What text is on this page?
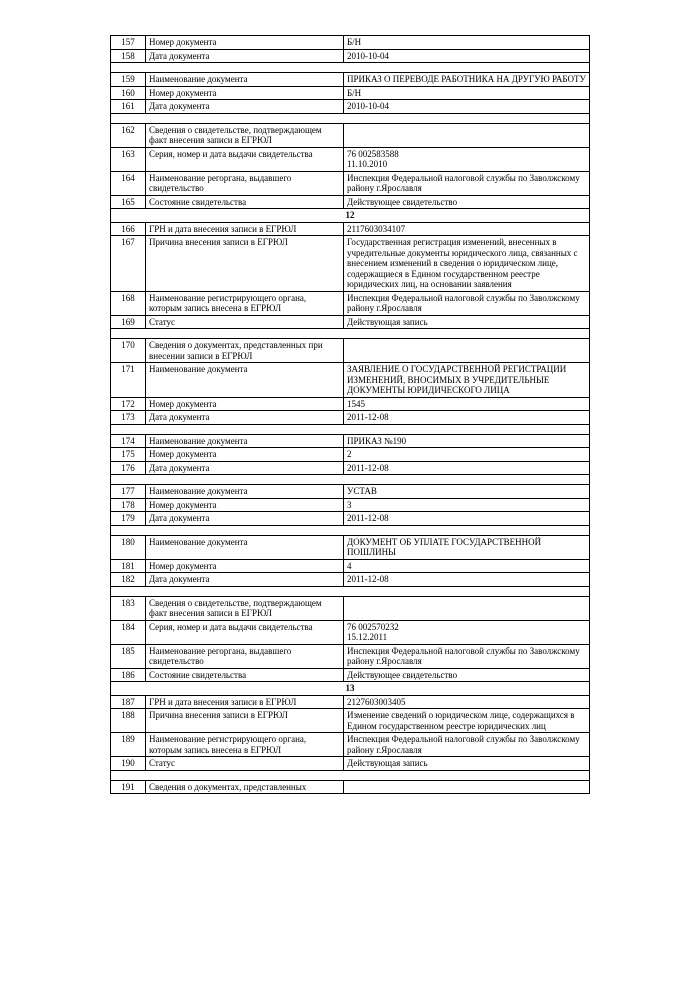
157	Номер документа	Б/Н
158	Дата документа	2010-10-04

159	Наименование документа	ПРИКАЗ О ПЕРЕВОДЕ РАБОТНИКА НА ДРУГУЮ РАБОТУ
160	Номер документа	Б/Н
161	Дата документа	2010-10-04

162	Сведения о свидетельстве, подтверждающем факт внесения записи в ЕГРЮЛ	
163	Серия, номер и дата выдачи свидетельства	76 002583588
11.10.2010
164	Наименование регоргана, выдавшего свидетельство	Инспекция Федеральной налоговой службы по Заволжскому району г.Ярославля
165	Состояние свидетельства	Действующее свидетельство
12		
166	ГРН и дата внесения записи в ЕГРЮЛ	2117603034107
167	Причина внесения записи в ЕГРЮЛ	Государственная регистрация изменений, внесенных в учредительные документы юридического лица, связанных с внесением изменений в сведения о юридическом лице, содержащиеся в Едином государственном реестре юридических лиц, на основании заявления
168	Наименование регистрирующего органа, которым запись внесена в ЕГРЮЛ	Инспекция Федеральной налоговой службы по Заволжскому району г.Ярославля
169	Статус	Действующая запись

170	Сведения о документах, представленных при внесении записи в ЕГРЮЛ	
171	Наименование документа	ЗАЯВЛЕНИЕ О ГОСУДАРСТВЕННОЙ РЕГИСТРАЦИИ ИЗМЕНЕНИЙ, ВНОСИМЫХ В УЧРЕДИТЕЛЬНЫЕ ДОКУМЕНТЫ ЮРИДИЧЕСКОГО ЛИЦА
172	Номер документа	1545
173	Дата документа	2011-12-08

174	Наименование документа	ПРИКАЗ №190
175	Номер документа	2
176	Дата документа	2011-12-08

177	Наименование документа	УСТАВ
178	Номер документа	3
179	Дата документа	2011-12-08

180	Наименование документа	ДОКУМЕНТ ОБ УПЛАТЕ ГОСУДАРСТВЕННОЙ ПОШЛИНЫ
181	Номер документа	4
182	Дата документа	2011-12-08

183	Сведения о свидетельстве, подтверждающем факт внесения записи в ЕГРЮЛ	
184	Серия, номер и дата выдачи свидетельства	76 002570232
15.12.2011
185	Наименование регоргана, выдавшего свидетельство	Инспекция Федеральной налоговой службы по Заволжскому району г.Ярославля
186	Состояние свидетельства	Действующее свидетельство
13		
187	ГРН и дата внесения записи в ЕГРЮЛ	2127603003405
188	Причина внесения записи в ЕГРЮЛ	Изменение сведений о юридическом лице, содержащихся в Едином государственном реестре юридических лиц
189	Наименование регистрирующего органа, которым запись внесена в ЕГРЮЛ	Инспекция Федеральной налоговой службы по Заволжскому району г.Ярославля
190	Статус	Действующая запись

191	Сведения о документах, представленных	
